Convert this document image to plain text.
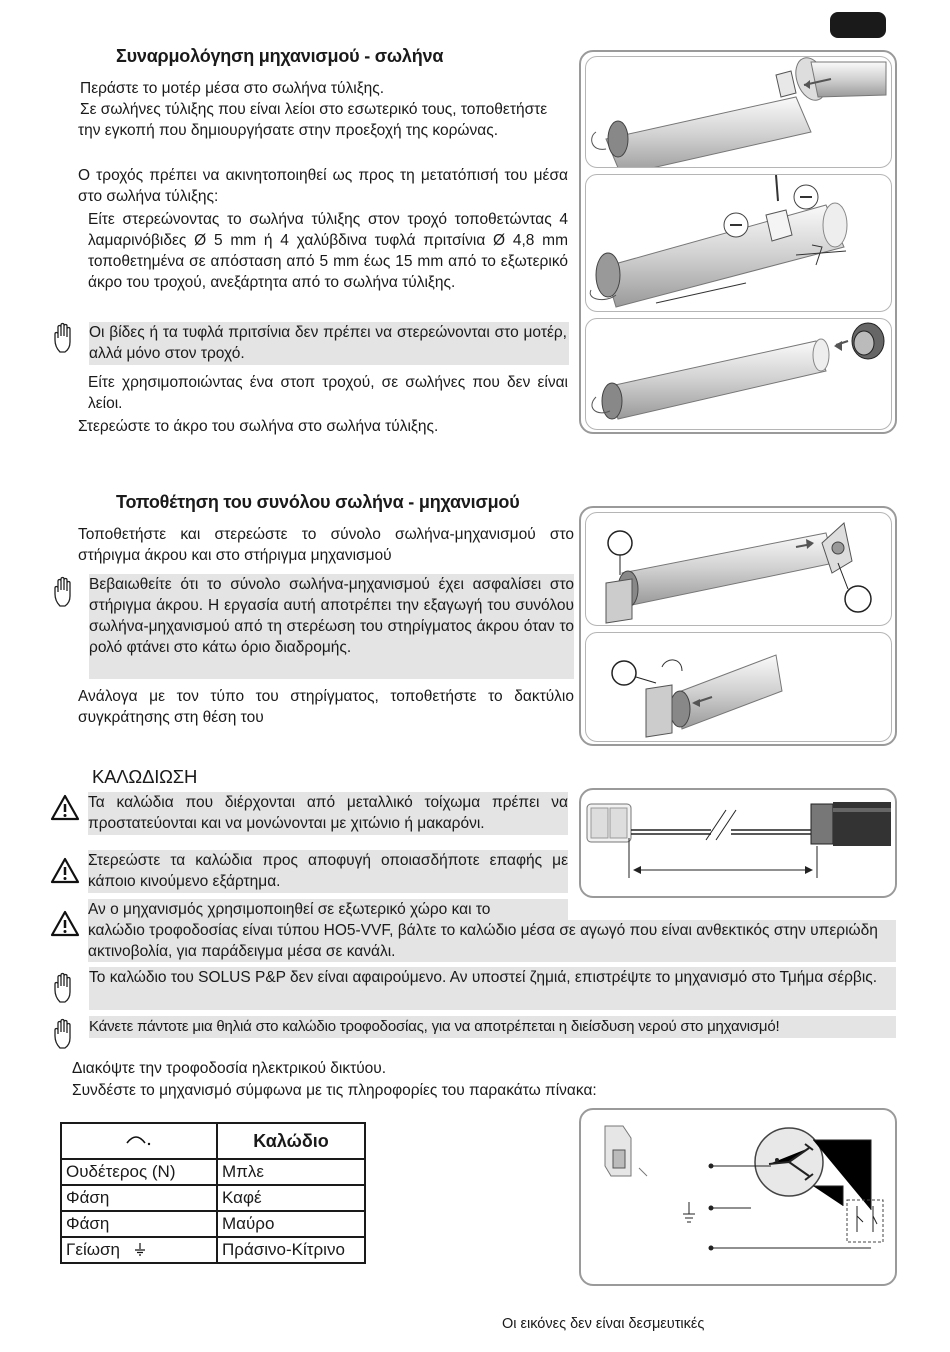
Συναρμολόγηση μηχανισμού - σωλήνα
Περάστε το μοτέρ μέσα στο σωλήνα τύλιξης.
Σε σωλήνες τύλιξης που είναι λείοι στο εσωτερικό τους, τοποθετήστε την εγκοπή που δημιουργήσατε στην προεξοχή της κορώνας.
Ο τροχός πρέπει να ακινητοποιηθεί ως προς τη μετατόπισή του μέσα στο σωλήνα τύλιξης:
Είτε στερεώνοντας το σωλήνα τύλιξης στον τροχό τοποθετώντας 4 λαμαρινόβιδες Ø 5 mm ή 4 χαλύβδινα τυφλά πριτσίνια Ø 4,8 mm τοποθετημένα σε απόσταση από 5 mm έως 15 mm από το εξωτερικό άκρο του τροχού, ανεξάρτητα από το σωλήνα τύλιξης.
Οι βίδες ή τα τυφλά πριτσίνια δεν πρέπει να στερεώνονται στο μοτέρ, αλλά μόνο στον τροχό.
Είτε χρησιμοποιώντας ένα στοπ τροχού, σε σωλήνες που δεν είναι λείοι.
Στερεώστε το άκρο του σωλήνα στο σωλήνα τύλιξης.
Τοποθέτηση του συνόλου σωλήνα - μηχανισμού
Τοποθετήστε και στερεώστε το σύνολο σωλήνα-μηχανισμού στο στήριγμα άκρου και στο στήριγμα μηχανισμού
Βεβαιωθείτε ότι το σύνολο σωλήνα-μηχανισμού έχει ασφαλίσει στο στήριγμα άκρου. Η εργασία αυτή αποτρέπει την εξαγωγή του συνόλου σωλήνα-μηχανισμού από τη στερέωση του στηρίγματος άκρου όταν το ρολό φτάνει στο κάτω όριο διαδρομής.
Ανάλογα με τον τύπο του στηρίγματος, τοποθετήστε το δακτύλιο συγκράτησης στη θέση του
ΚΑΛΩΔΙΩΣΗ
Τα καλώδια που διέρχονται από μεταλλικό τοίχωμα πρέπει να προστατεύονται και να μονώνονται με χιτώνιο ή μακαρόνι.
Στερεώστε τα καλώδια προς αποφυγή οποιασδήποτε επαφής με κάποιο κινούμενο εξάρτημα.
Αν ο μηχανισμός χρησιμοποιηθεί σε εξωτερικό χώρο και το
καλώδιο τροφοδοσίας είναι τύπου HO5-VVF, βάλτε το καλώδιο μέσα σε αγωγό που είναι ανθεκτικός στην υπεριώδη ακτινοβολία, για παράδειγμα μέσα σε κανάλι.
Το καλώδιο του SOLUS P&P δεν είναι αφαιρούμενο. Αν υποστεί ζημιά, επιστρέψτε το μηχανισμό στο Τμήμα σέρβις.
Κάνετε πάντοτε μια θηλιά στο καλώδιο τροφοδοσίας, για να αποτρέπεται η διείσδυση νερού στο μηχανισμό!
Διακόψτε την τροφοδοσία ηλεκτρικού δικτύου.
Συνδέστε το μηχανισμό σύμφωνα με τις πληροφορίες του παρακάτω πίνακα:
	Καλώδιο
Ουδέτερος (N)	Μπλε
Φάση	Καφέ
Φάση	Μαύρο
Γείωση	Πράσινο-Κίτρινο
Οι εικόνες δεν είναι δεσμευτικές
